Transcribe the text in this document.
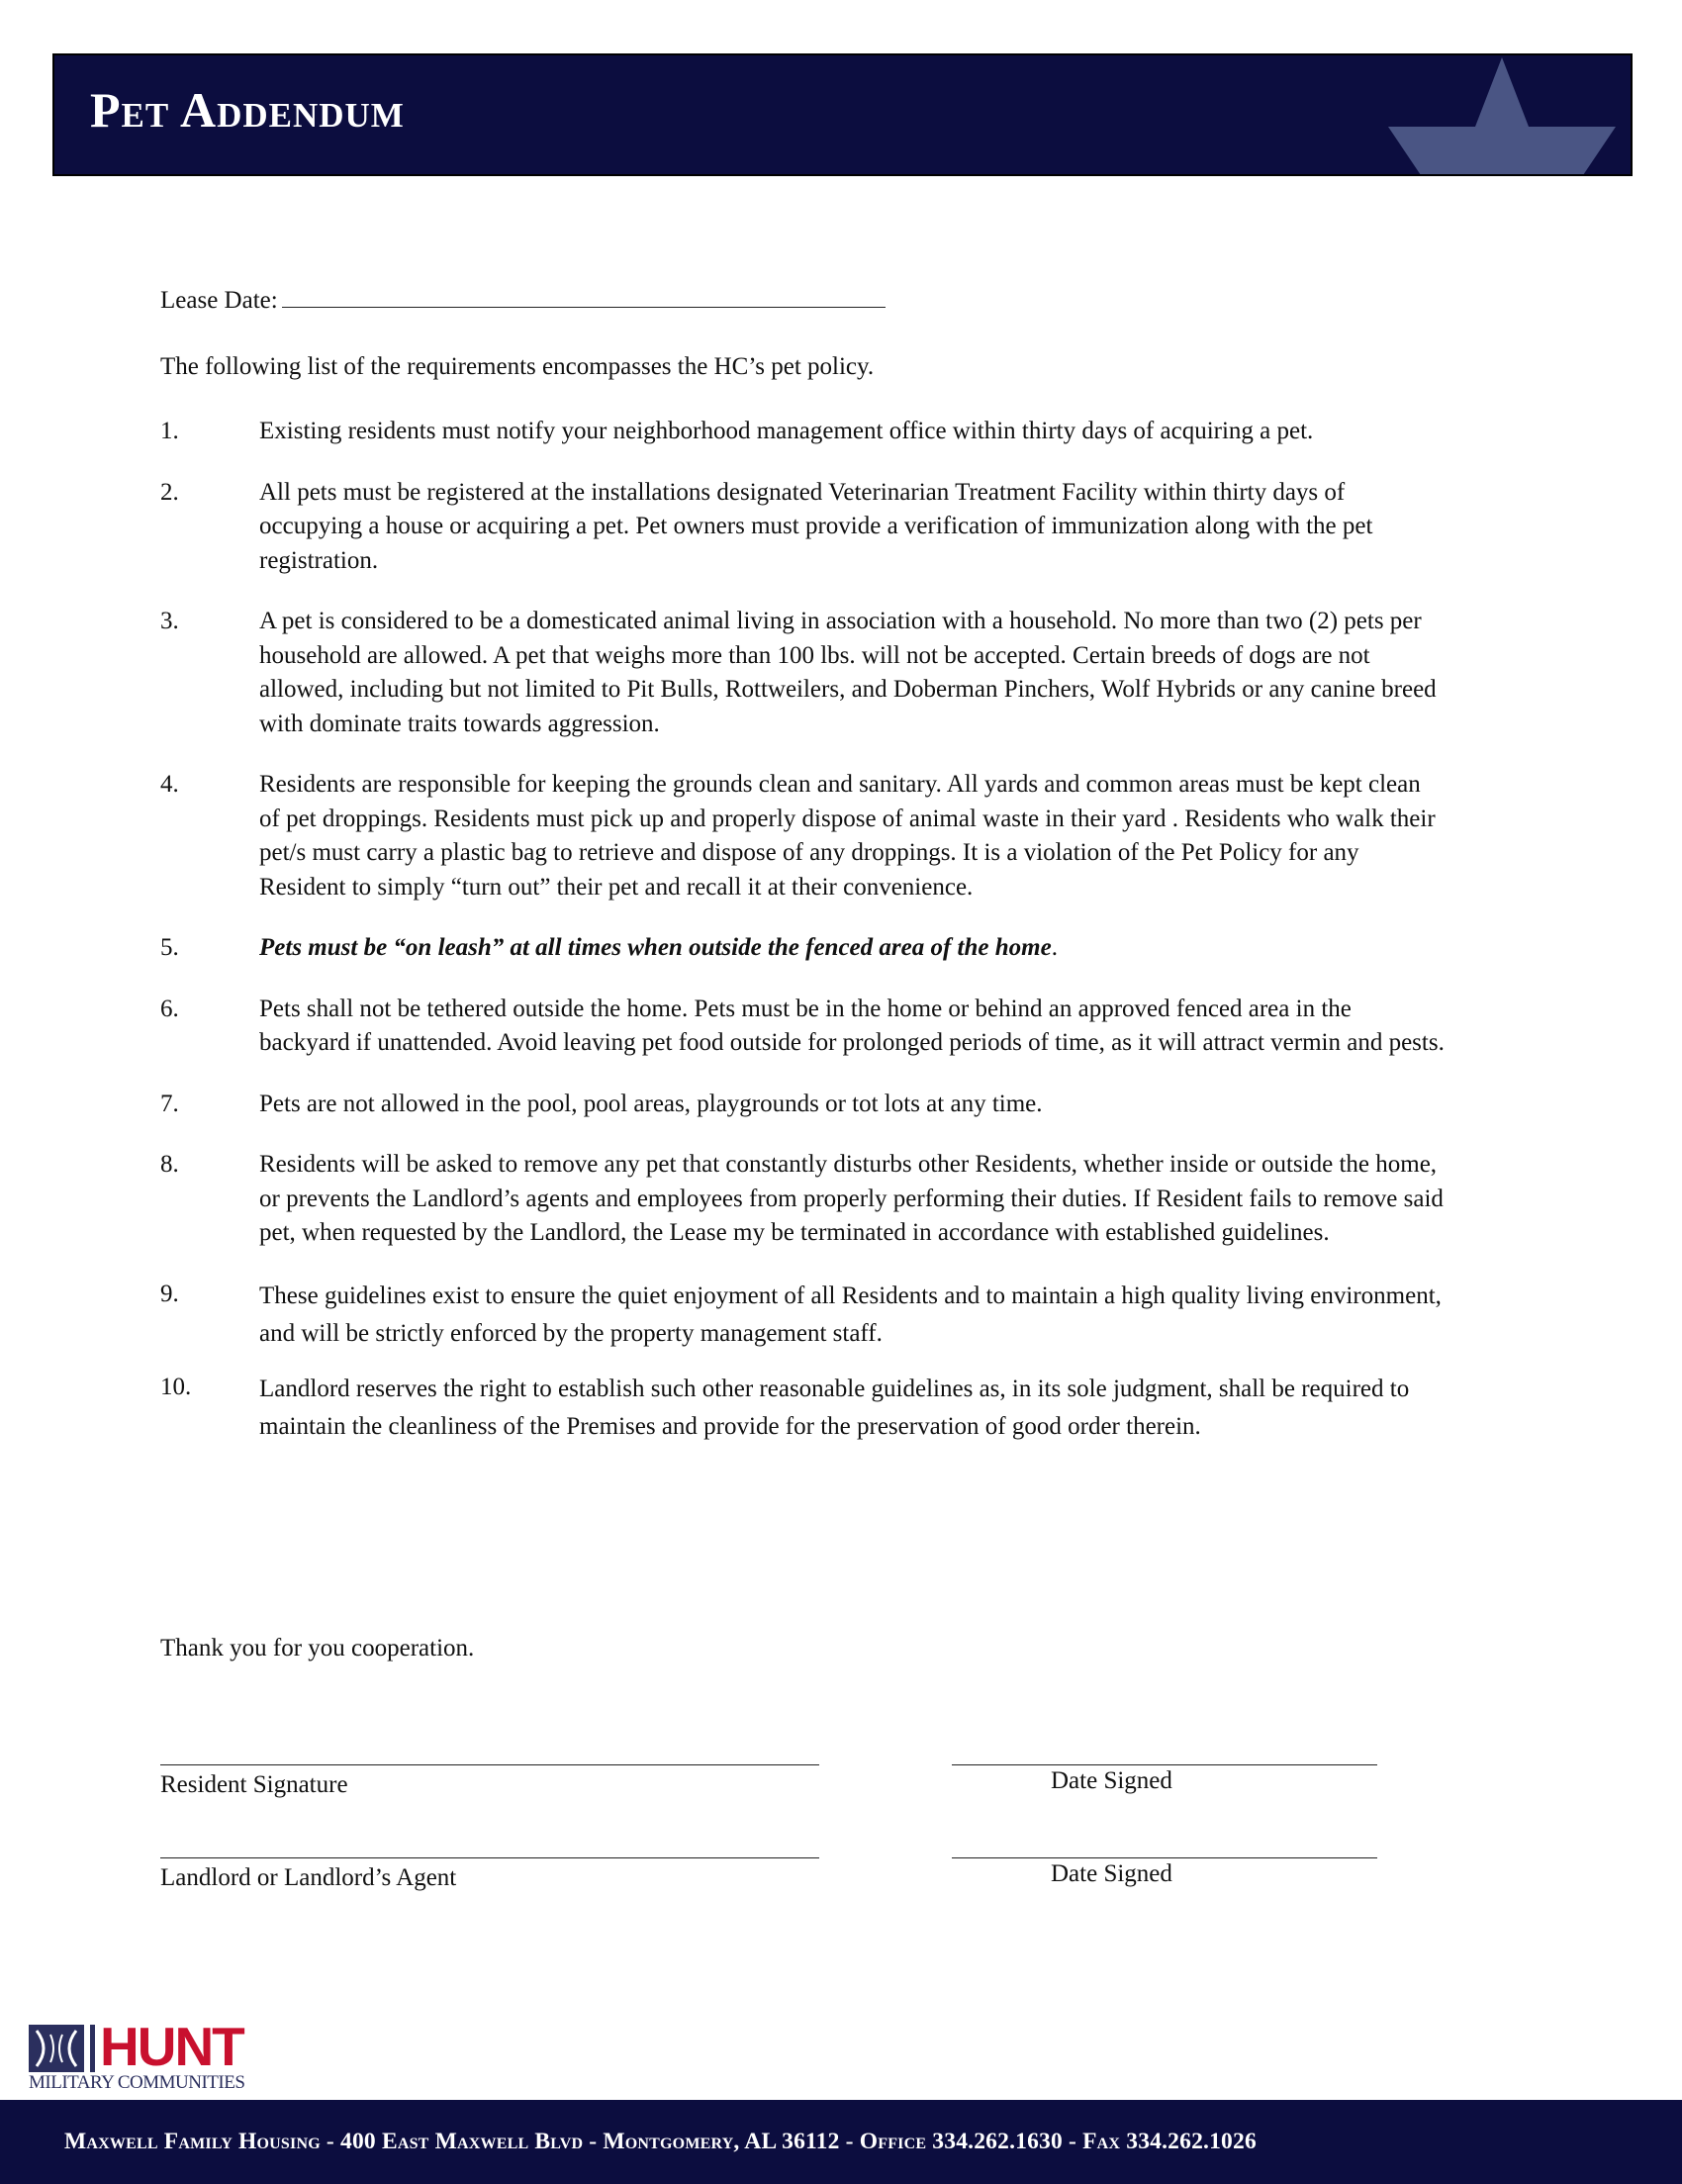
Pet Addendum

Lease Date:

The following list of the requirements encompasses the HC’s pet policy.

1.	Existing residents must notify your neighborhood management office within thirty days of acquiring a pet.
2.	All pets must be registered at the installations designated Veterinarian Treatment Facility within thirty days of occupying a house or acquiring a pet. Pet owners must provide a verification of immunization along with the pet registration.
3.	A pet is considered to be a domesticated animal living in association with a household. No more than two (2) pets per household are allowed. A pet that weighs more than 100 lbs. will not be accepted. Certain breeds of dogs are not allowed, including but not limited to Pit Bulls, Rottweilers, and Doberman Pinchers, Wolf Hybrids or any canine breed with dominate traits towards aggression.
4.	Residents are responsible for keeping the grounds clean and sanitary. All yards and common areas must be kept clean of pet droppings. Residents must pick up and properly dispose of animal waste in their yard . Residents who walk their pet/s must carry a plastic bag to retrieve and dispose of any droppings. It is a violation of the Pet Policy for any Resident to simply “turn out” their pet and recall it at their convenience.
5.	Pets must be “on leash” at all times when outside the fenced area of the home.
6.	Pets shall not be tethered outside the home. Pets must be in the home or behind an approved fenced area in the backyard if unattended. Avoid leaving pet food outside for prolonged periods of time, as it will attract vermin and pests.
7.	Pets are not allowed in the pool, pool areas, playgrounds or tot lots at any time.
8.	Residents will be asked to remove any pet that constantly disturbs other Residents, whether inside or outside the home, or prevents the Landlord’s agents and employees from properly performing their duties. If Resident fails to remove said pet, when requested by the Landlord, the Lease my be terminated in accordance with established guidelines.
9.	These guidelines exist to ensure the quiet enjoyment of all Residents and to maintain a high quality living environment, and will be strictly enforced by the property management staff.
10.	Landlord reserves the right to establish such other reasonable guidelines as, in its sole judgment, shall be required to maintain the cleanliness of the Premises and provide for the preservation of good order therein.

Thank you for you cooperation.

Resident Signature	Date Signed

Landlord or Landlord’s Agent	Date Signed

HUNT
MILITARY COMMUNITIES

Maxwell Family Housing - 400 East Maxwell Blvd - Montgomery, AL 36112 - Office 334.262.1630 - Fax 334.262.1026
